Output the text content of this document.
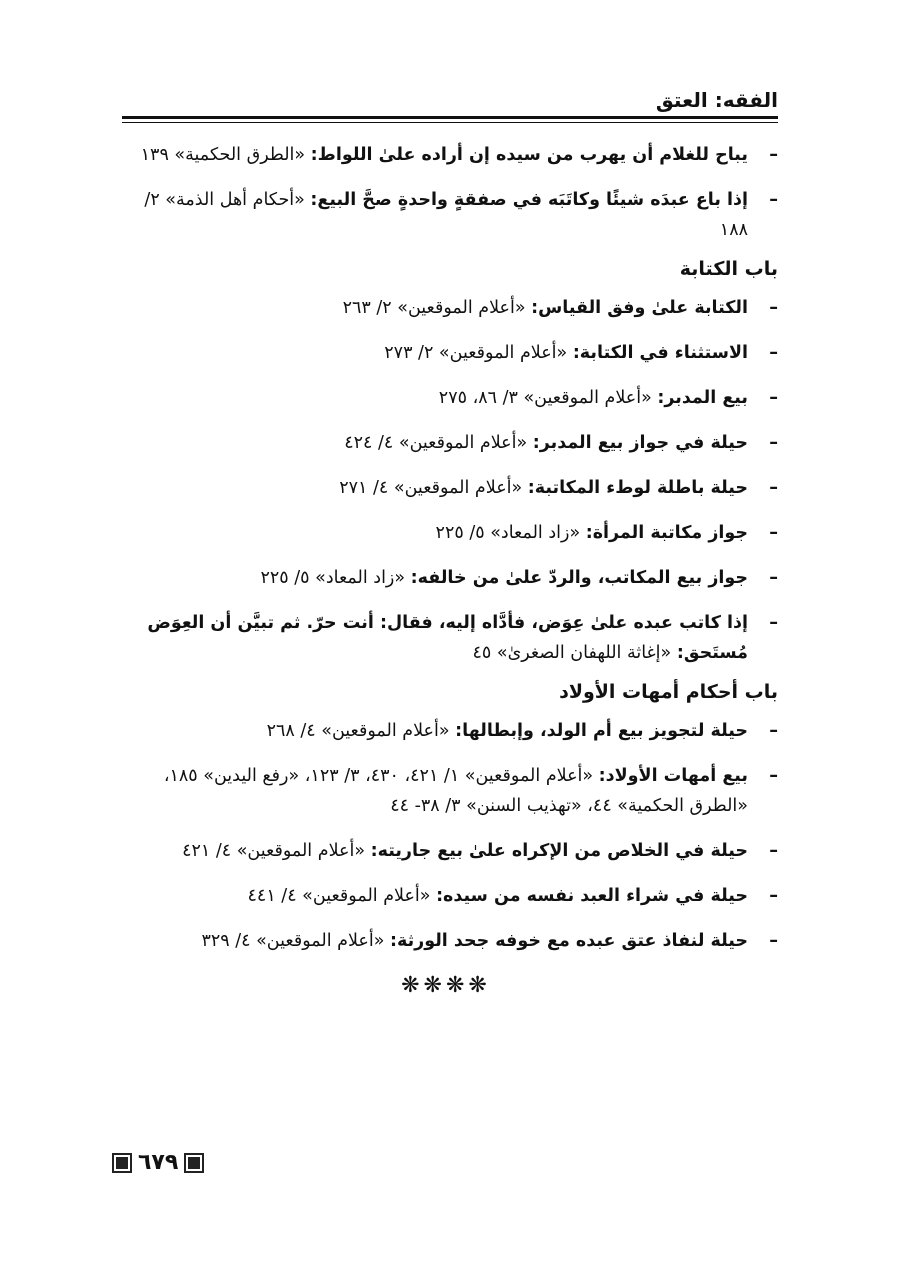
الفقه: العتق
–
يباح للغلام أن يهرب من سيده إن أراده علىٰ اللواط: «الطرق الحكمية» ١٣٩
–
إذا باع عبدَه شيئًا وكاتَبَه في صفقةٍ واحدةٍ صحَّ البيع: «أحكام أهل الذمة» ٢/ ١٨٨
باب الكتابة
–
الكتابة علىٰ وفق القياس: «أعلام الموقعين» ٢/ ٢٦٣
–
الاستثناء في الكتابة: «أعلام الموقعين» ٢/ ٢٧٣
–
بيع المدبر: «أعلام الموقعين» ٣/ ٨٦، ٢٧٥
–
حيلة في جواز بيع المدبر: «أعلام الموقعين» ٤/ ٤٢٤
–
حيلة باطلة لوطء المكاتبة: «أعلام الموقعين» ٤/ ٢٧١
–
جواز مكاتبة المرأة: «زاد المعاد» ٥/ ٢٢٥
–
جواز بيع المكاتب، والردّ علىٰ من خالفه: «زاد المعاد» ٥/ ٢٢٥
–
إذا كاتب عبده علىٰ عِوَض، فأدَّاه إليه، فقال: أنت حرّ. ثم تبيَّن أن العِوَض مُستَحق: «إغاثة اللهفان الصغرىٰ» ٤٥
باب أحكام أمهات الأولاد
–
حيلة لتجويز بيع أم الولد، وإبطالها: «أعلام الموقعين» ٤/ ٢٦٨
–
بيع أمهات الأولاد: «أعلام الموقعين» ١/ ٤٢١، ٤٣٠، ٣/ ١٢٣، «رفع اليدين» ١٨٥، «الطرق الحكمية» ٤٤، «تهذيب السنن» ٣/ ٣٨- ٤٤
–
حيلة في الخلاص من الإكراه علىٰ بيع جاريته: «أعلام الموقعين» ٤/ ٤٢١
–
حيلة في شراء العبد نفسه من سيده: «أعلام الموقعين» ٤/ ٤٤١
–
حيلة لنفاذ عتق عبده مع خوفه جحد الورثة: «أعلام الموقعين» ٤/ ٣٢٩
❋❋❋❋
٦٧٩
